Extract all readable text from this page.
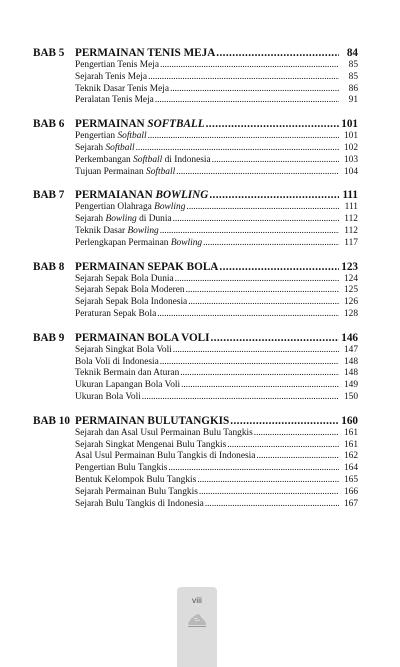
BAB 5 PERMAINAN TENIS MEJA . . .	84
Pengertian Tenis Meja . . .	85
Sejarah Tenis Meja . . .	85
Teknik Dasar Tenis Meja . . .	86
Peralatan Tenis Meja . . .	91
BAB 6 PERMAINAN SOFTBALL . . .	101
Pengertian Softball . . .	101
Sejarah Softball . . .	102
Perkembangan Softball di Indonesia . . .	103
Tujuan Permainan Softball . . .	104
BAB 7 PERMAIANAN BOWLING . . .	111
Pengertian Olahraga Bowling . . .	111
Sejarah Bowling di Dunia . . .	112
Teknik Dasar Bowling . . .	112
Perlengkapan Permainan Bowling . . .	117
BAB 8 PERMAINAN SEPAK BOLA . . .	123
Sejarah Sepak Bola Dunia . . .	124
Sejarah Sepak Bola Moderen . . .	125
Sejarah Sepak Bola Indonesia . . .	126
Peraturan Sepak Bola . . .	128
BAB 9 PERMAINAN BOLA VOLI . . .	146
Sejarah Singkat Bola Voli . . .	147
Bola Voli di Indonesia . . .	148
Teknik Bermain dan Aturan . . .	148
Ukuran Lapangan Bola Voli . . .	149
Ukuran Bola Voli . . .	150
BAB 10 PERMAINAN BULUTANGKIS . . .	160
Sejarah dan Asal Usul Permainan Bulu Tangkis . . .	161
Sejarah Singkat Mengenai Bulu Tangkis . . .	161
Asal Usul Permainan Bulu Tangkis di Indonesia . . .	162
Pengertian Bulu Tangkis . . .	164
Bentuk Kelompok Bulu Tangkis . . .	165
Sejarah Permainan Bulu Tangkis . . .	166
Sejarah Bulu Tangkis di Indonesia . . .	167
viii
